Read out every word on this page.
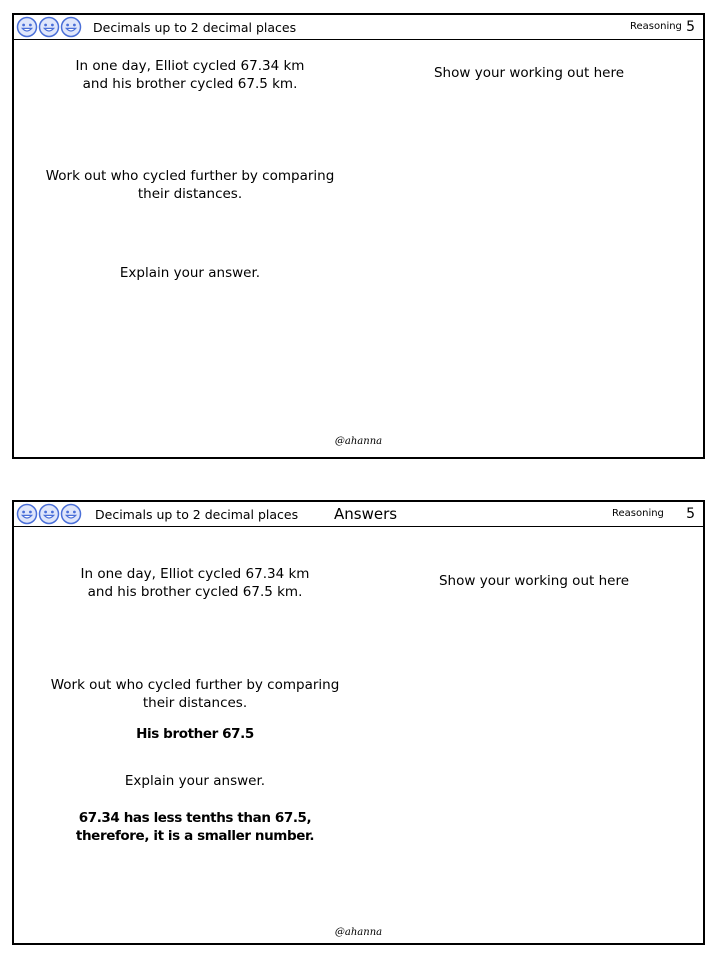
Decimals up to 2 decimal places	Reasoning 5
In one day, Elliot cycled 67.34 km
and his brother cycled 67.5 km.
Work out who cycled further by comparing
their distances.
Explain your answer.
Show your working out here
@ahanna
Decimals up to 2 decimal places Answers	Reasoning 5
In one day, Elliot cycled 67.34 km
and his brother cycled 67.5 km.
Work out who cycled further by comparing
their distances.
His brother 67.5
Explain your answer.
67.34 has less tenths than 67.5,
therefore, it is a smaller number.
Show your working out here
@ahanna
